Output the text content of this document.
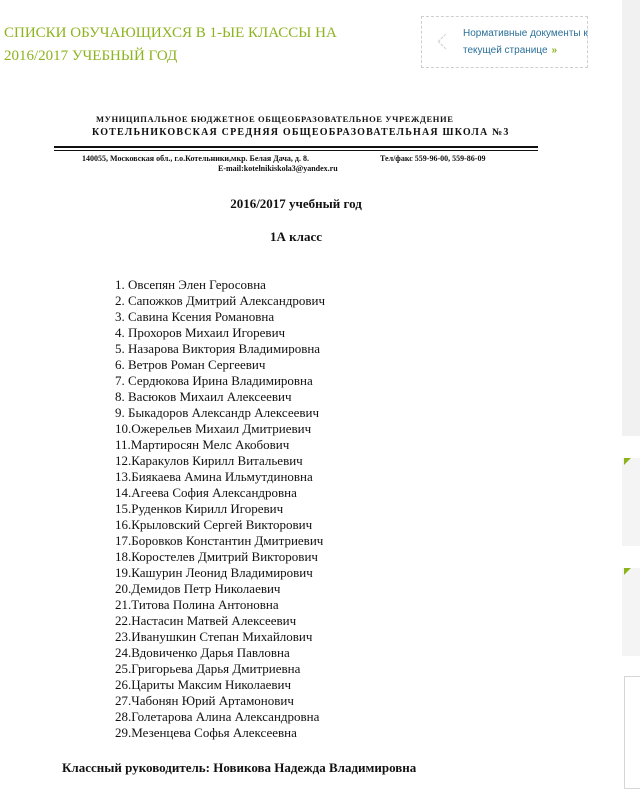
СПИСКИ ОБУЧАЮЩИХСЯ В 1-ЫЕ КЛАССЫ НА 2016/2017 УЧЕБНЫЙ ГОД
Нормативные документы к текущей странице »
МУНИЦИПАЛЬНОЕ БЮДЖЕТНОЕ ОБЩЕОБРАЗОВАТЕЛЬНОЕ УЧРЕЖДЕНИЕ
КОТЕЛЬНИКОВСКАЯ СРЕДНЯЯ ОБЩЕОБРАЗОВАТЕЛЬНАЯ ШКОЛА №3
140055, Московская обл., г.о.Котельники,мкр. Белая Дача, д. 8.	Тел/факс 559-96-00, 559-86-09
E-mail:kotelnikiskola3@yandex.ru
2016/2017 учебный год
1А класс
1. Овсепян Элен Геросовна
2. Сапожков Дмитрий Александрович
3. Савина Ксения Романовна
4. Прохоров Михаил Игоревич
5. Назарова Виктория Владимировна
6. Ветров Роман Сергеевич
7. Сердюкова Ирина Владимировна
8. Васюков Михаил Алексеевич
9. Быкадоров Александр Алексеевич
10.Ожерельев Михаил Дмитриевич
11.Мартиросян Мелс Акобович
12.Каракулов Кирилл Витальевич
13.Биякаева Амина Ильмутдиновна
14.Агеева София Александровна
15.Руденков Кирилл Игоревич
16.Крыловский Сергей Викторович
17.Боровков Константин Дмитриевич
18.Коростелев Дмитрий Викторович
19.Кашурин Леонид Владимирович
20.Демидов Петр Николаевич
21.Титова Полина Антоновна
22.Настасин Матвей Алексеевич
23.Иванушкин Степан Михайлович
24.Вдовиченко Дарья Павловна
25.Григорьева Дарья Дмитриевна
26.Цариты Максим Николаевич
27.Чабонян Юрий Артамонович
28.Голетарова Алина Александровна
29.Мезенцева Софья Алексеевна
Классный руководитель: Новикова Надежда Владимировна
